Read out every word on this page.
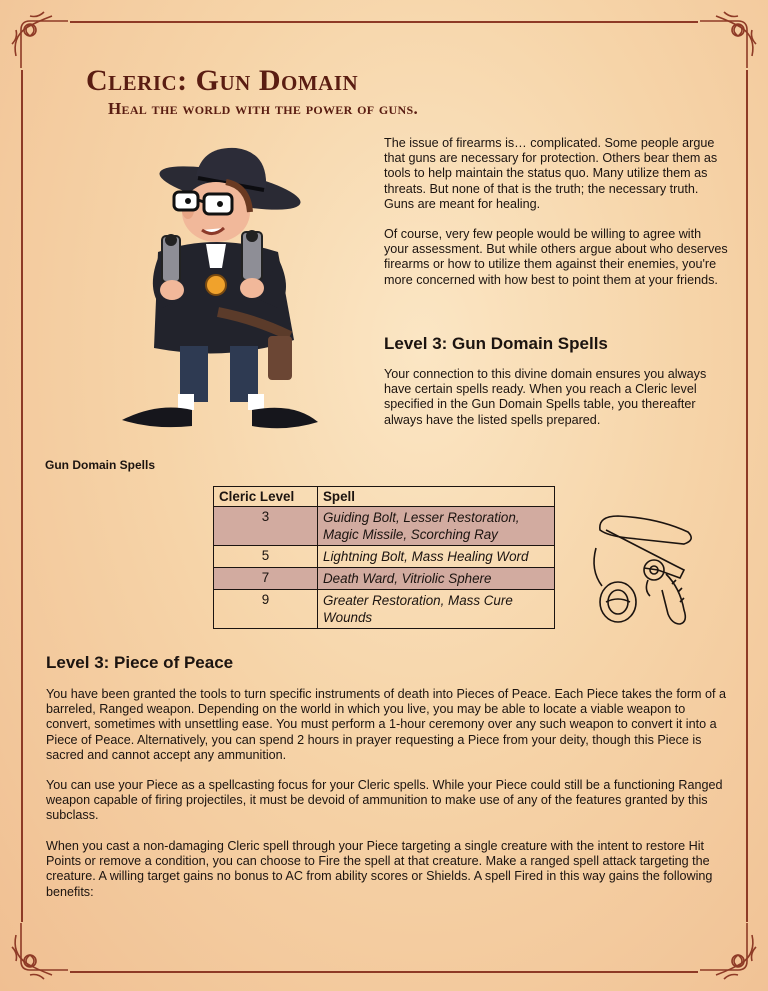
Cleric: Gun Domain
Heal the world with the power of guns.

The issue of firearms is… complicated. Some people argue that guns are necessary for protection. Others bear them as tools to help maintain the status quo. Many utilize them as threats. But none of that is the truth; the necessary truth. Guns are meant for healing.

Of course, very few people would be willing to agree with your assessment. But while others argue about who deserves firearms or how to utilize them against their enemies, you're more concerned with how best to point them at your friends.

Level 3: Gun Domain Spells

Your connection to this divine domain ensures you always have certain spells ready. When you reach a Cleric level specified in the Gun Domain Spells table, you thereafter always have the listed spells prepared.

Gun Domain Spells

Cleric Level	Spell
3	Guiding Bolt, Lesser Restoration, Magic Missile, Scorching Ray
5	Lightning Bolt, Mass Healing Word
7	Death Ward, Vitriolic Sphere
9	Greater Restoration, Mass Cure Wounds
Level 3: Piece of Peace

You have been granted the tools to turn specific instruments of death into Pieces of Peace. Each Piece takes the form of a barreled, Ranged weapon. Depending on the world in which you live, you may be able to locate a viable weapon to convert, sometimes with unsettling ease. You must perform a 1-hour ceremony over any such weapon to convert it into a Piece of Peace. Alternatively, you can spend 2 hours in prayer requesting a Piece from your deity, though this Piece is sacred and cannot accept any ammunition.

You can use your Piece as a spellcasting focus for your Cleric spells. While your Piece could still be a functioning Ranged weapon capable of firing projectiles, it must be devoid of ammunition to make use of any of the features granted by this subclass.

When you cast a non-damaging Cleric spell through your Piece targeting a single creature with the intent to restore Hit Points or remove a condition, you can choose to Fire the spell at that creature. Make a ranged spell attack targeting the creature. A willing target gains no bonus to AC from ability scores or Shields. A spell Fired in this way gains the following benefits:
